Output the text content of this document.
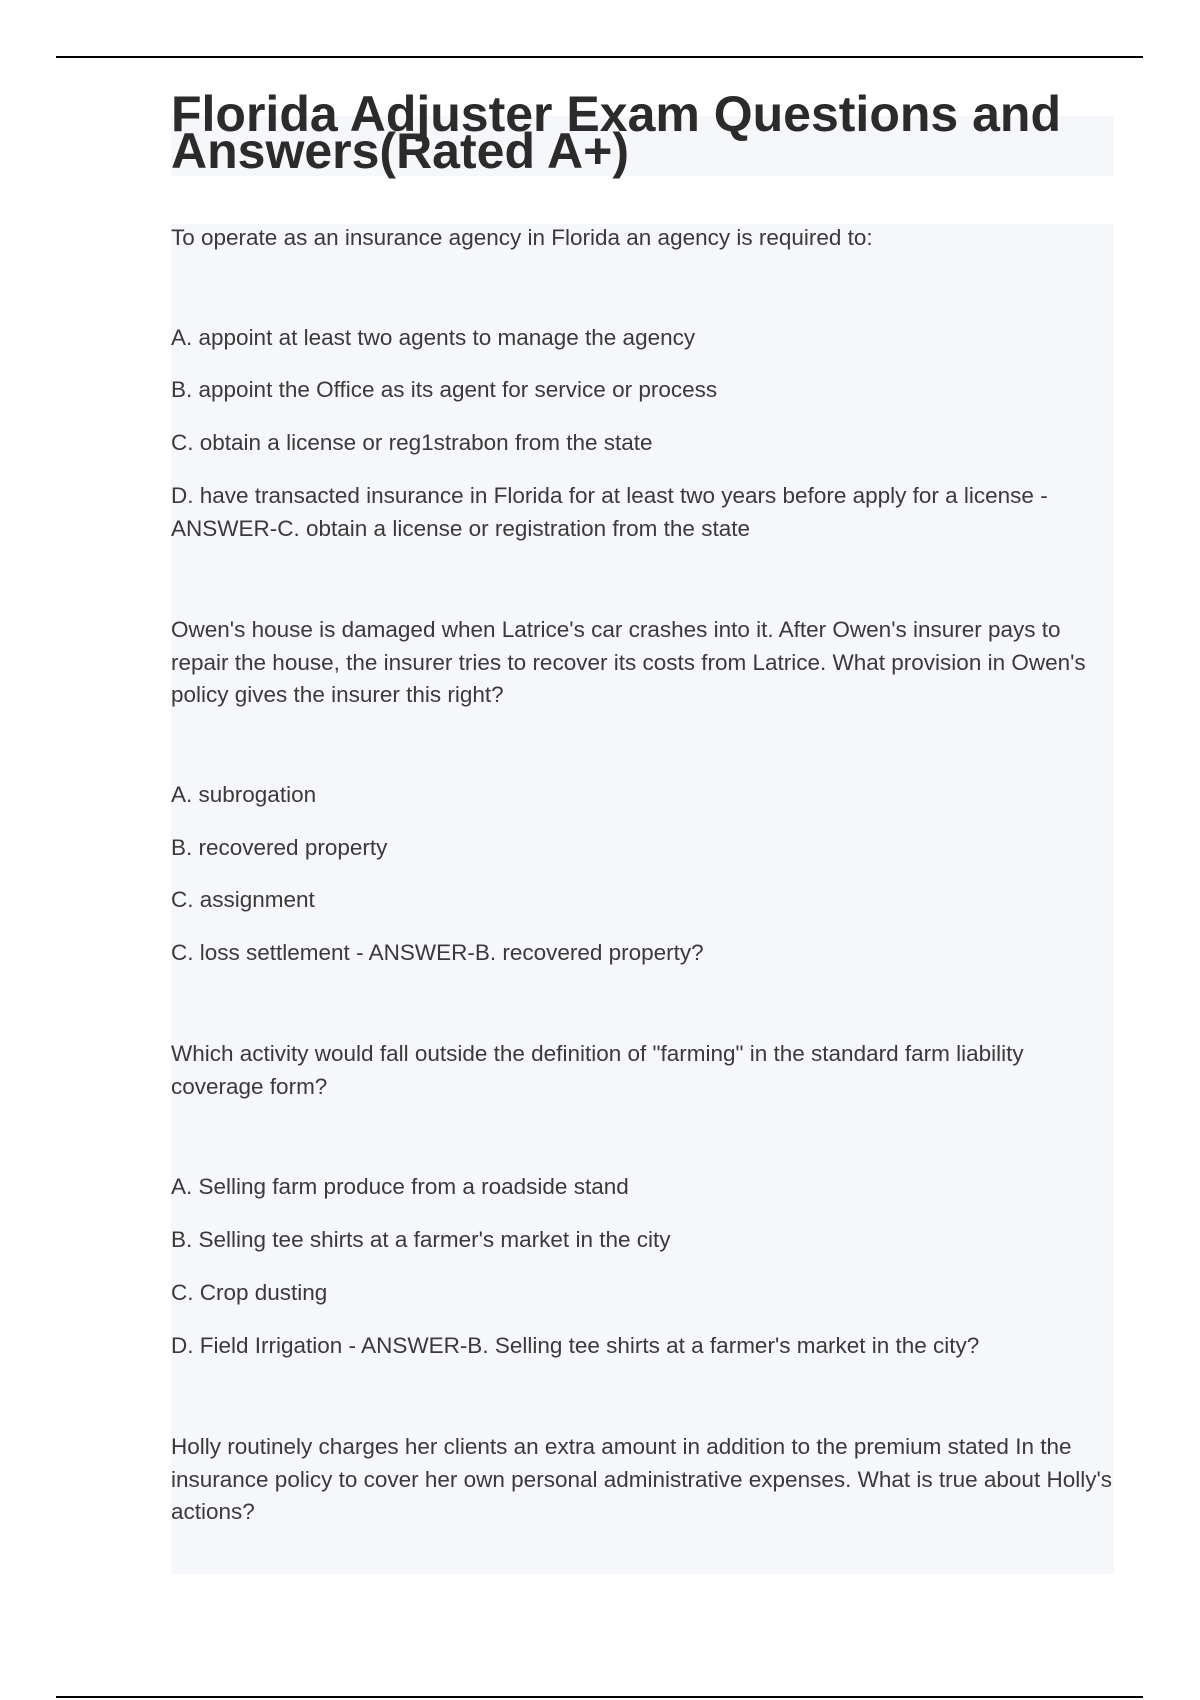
Florida Adjuster Exam Questions and Answers(Rated A+)

To operate as an insurance agency in Florida an agency is required to:

A. appoint at least two agents to manage the agency

B. appoint the Office as its agent for service or process

C. obtain a license or reg1strabon from the state

D. have transacted insurance in Florida for at least two years before apply for a license - ANSWER-C. obtain a license or registration from the state

Owen's house is damaged when Latrice's car crashes into it. After Owen's insurer pays to repair the house, the insurer tries to recover its costs from Latrice. What provision in Owen's policy gives the insurer this right?

A. subrogation

B. recovered property

C. assignment

C. loss settlement - ANSWER-B. recovered property?

Which activity would fall outside the definition of "farming" in the standard farm liability coverage form?

A. Selling farm produce from a roadside stand

B. Selling tee shirts at a farmer's market in the city

C. Crop dusting

D. Field Irrigation - ANSWER-B. Selling tee shirts at a farmer's market in the city?

Holly routinely charges her clients an extra amount in addition to the premium stated In the insurance policy to cover her own personal administrative expenses. What is true about Holly's actions?
